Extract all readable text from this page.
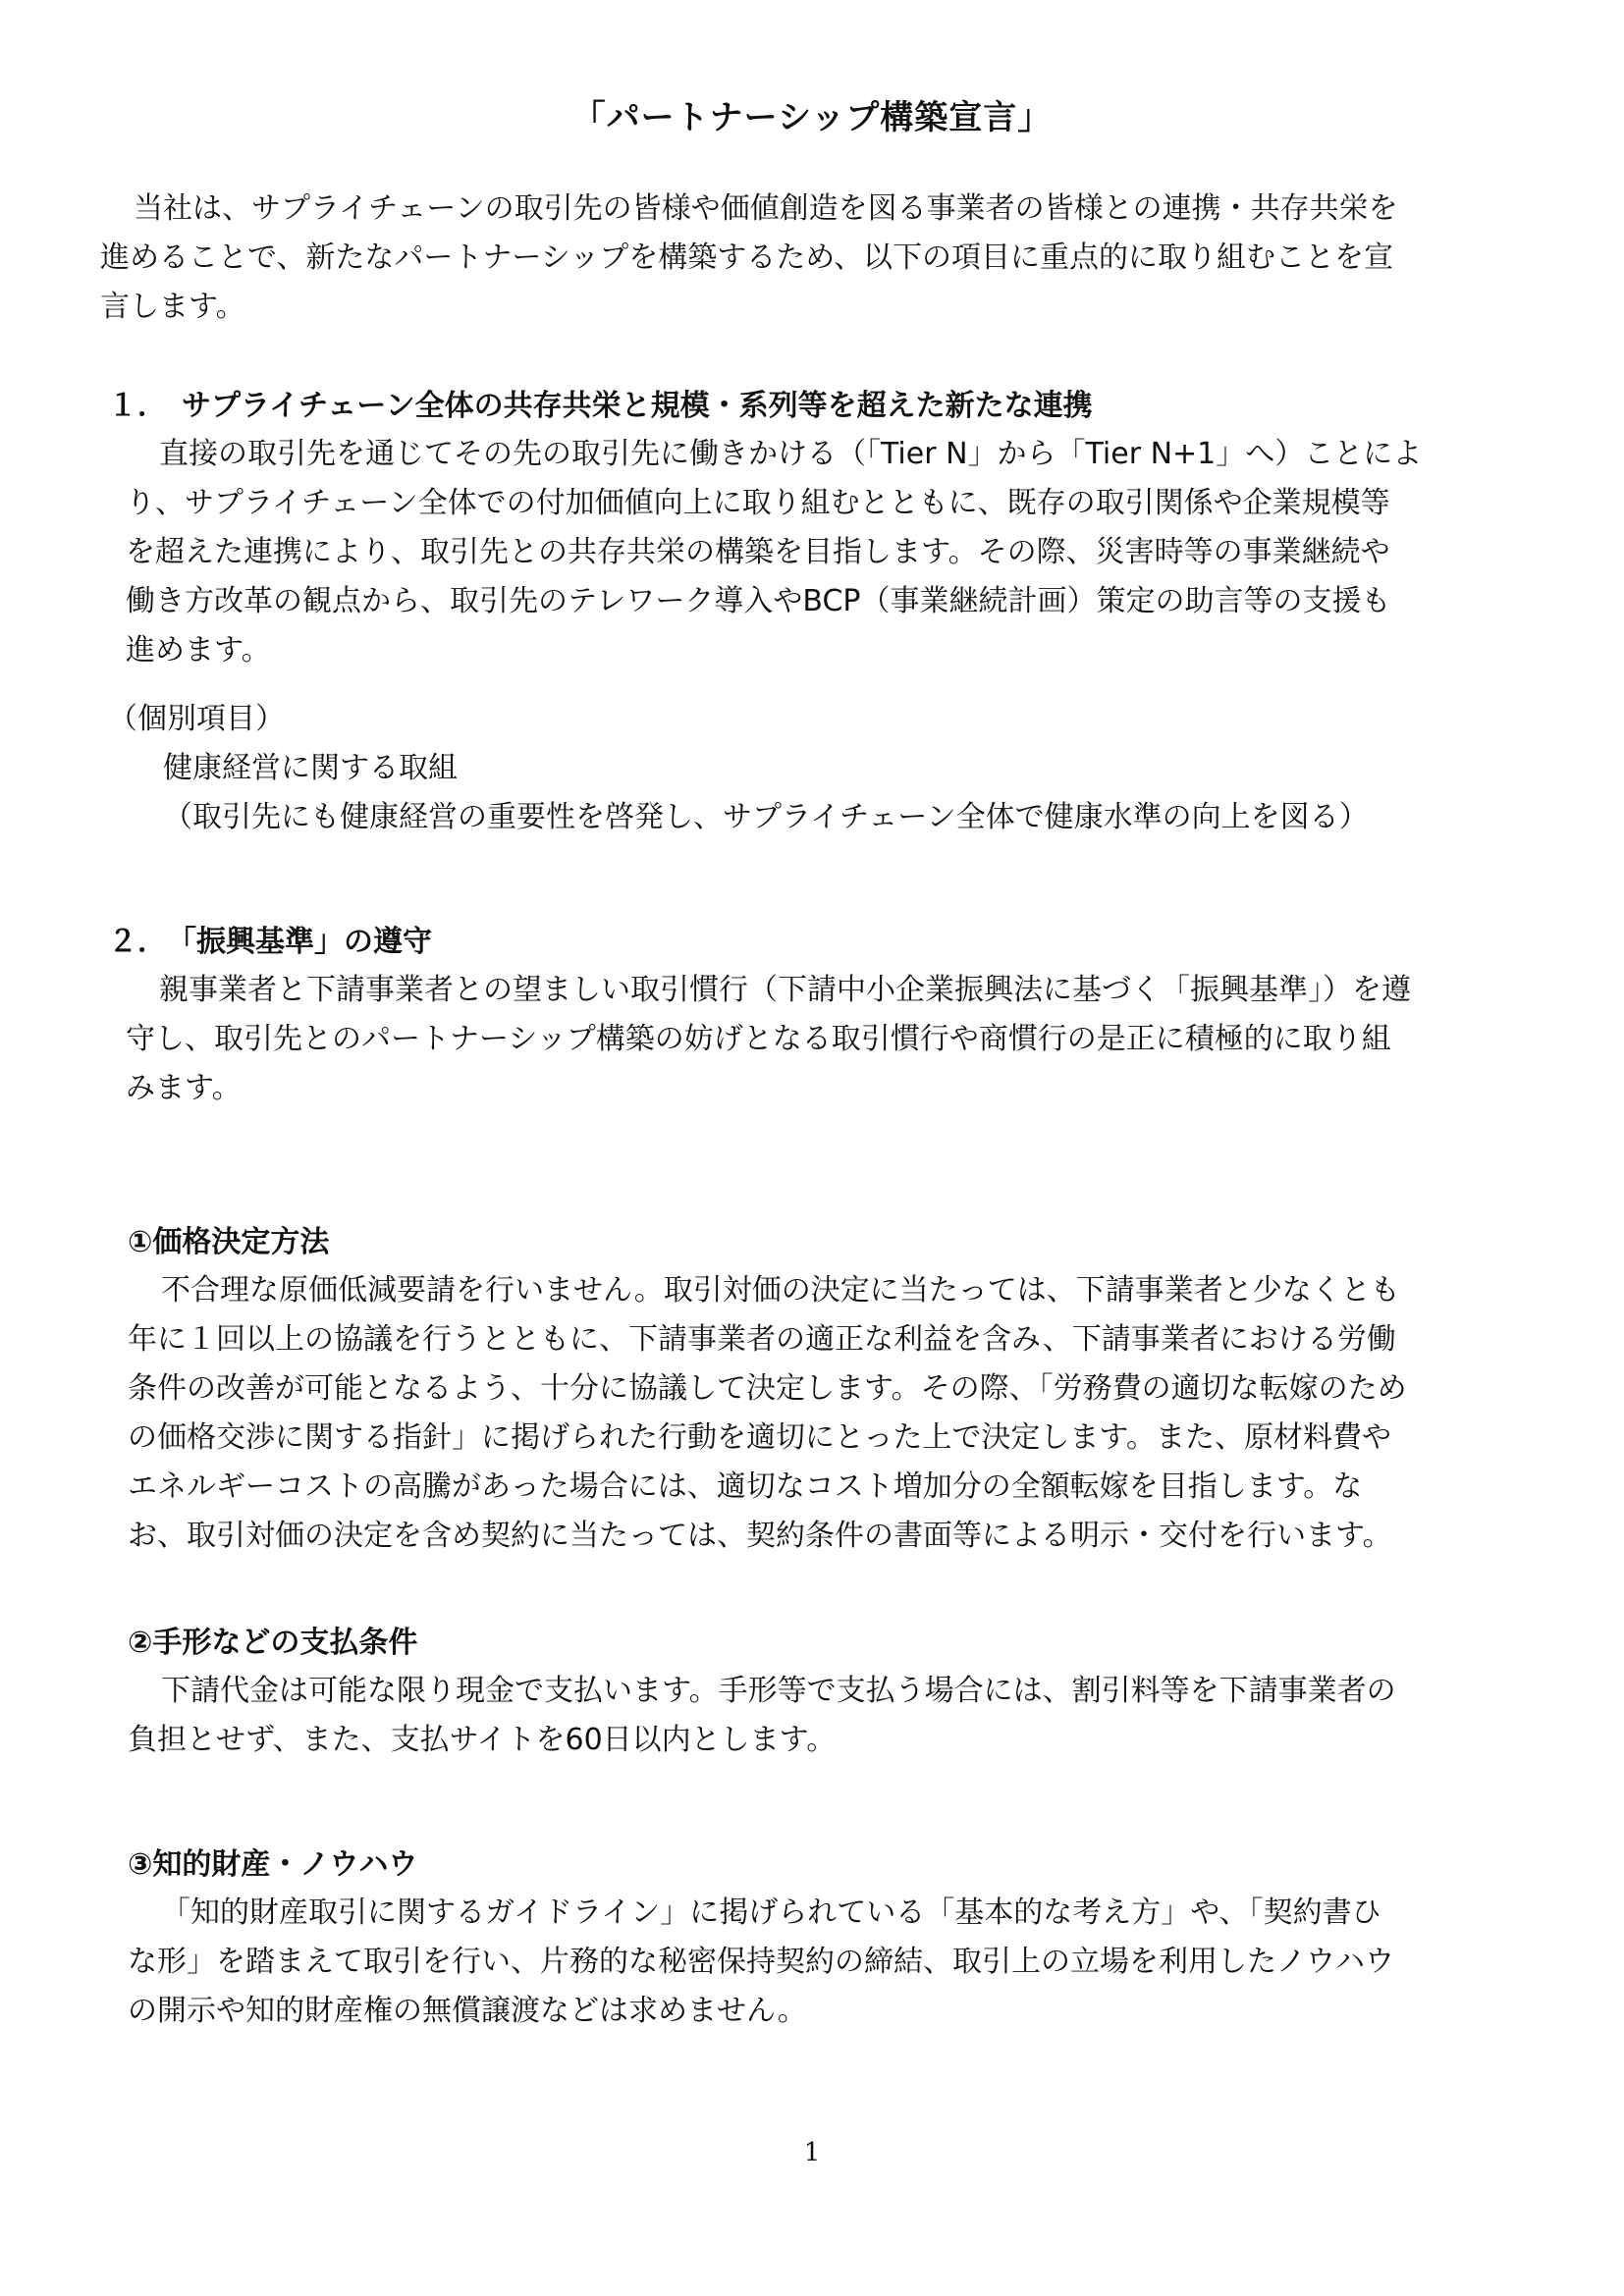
「パートナーシップ構築宣言」
当社は、サプライチェーンの取引先の皆様や価値創造を図る事業者の皆様との連携・共存共栄を
進めることで、新たなパートナーシップを構築するため、以下の項目に重点的に取り組むことを宣
言します。
１．　サプライチェーン全体の共存共栄と規模・系列等を超えた新たな連携
直接の取引先を通じてその先の取引先に働きかける（「Tier N」から「Tier N+1」へ）ことによ
り、サプライチェーン全体での付加価値向上に取り組むとともに、既存の取引関係や企業規模等
を超えた連携により、取引先との共存共栄の構築を目指します。その際、災害時等の事業継続や
働き方改革の観点から、取引先のテレワーク導入やBCP（事業継続計画）策定の助言等の支援も
進めます。
（個別項目）
健康経営に関する取組
（取引先にも健康経営の重要性を啓発し、サプライチェーン全体で健康水準の向上を図る）
２．　「振興基準」の遵守
親事業者と下請事業者との望ましい取引慣行（下請中小企業振興法に基づく「振興基準」）を遵
守し、取引先とのパートナーシップ構築の妨げとなる取引慣行や商慣行の是正に積極的に取り組
みます。
①価格決定方法
不合理な原価低減要請を行いません。取引対価の決定に当たっては、下請事業者と少なくとも
年に１回以上の協議を行うとともに、下請事業者の適正な利益を含み、下請事業者における労働
条件の改善が可能となるよう、十分に協議して決定します。その際、「労務費の適切な転嫁のため
の価格交渉に関する指針」に掲げられた行動を適切にとった上で決定します。また、原材料費や
エネルギーコストの高騰があった場合には、適切なコスト増加分の全額転嫁を目指します。な
お、取引対価の決定を含め契約に当たっては、契約条件の書面等による明示・交付を行います。
②手形などの支払条件
下請代金は可能な限り現金で支払います。手形等で支払う場合には、割引料等を下請事業者の
負担とせず、また、支払サイトを60日以内とします。
③知的財産・ノウハウ
「知的財産取引に関するガイドライン」に掲げられている「基本的な考え方」や、「契約書ひ
な形」を踏まえて取引を行い、片務的な秘密保持契約の締結、取引上の立場を利用したノウハウ
の開示や知的財産権の無償譲渡などは求めません。
1
